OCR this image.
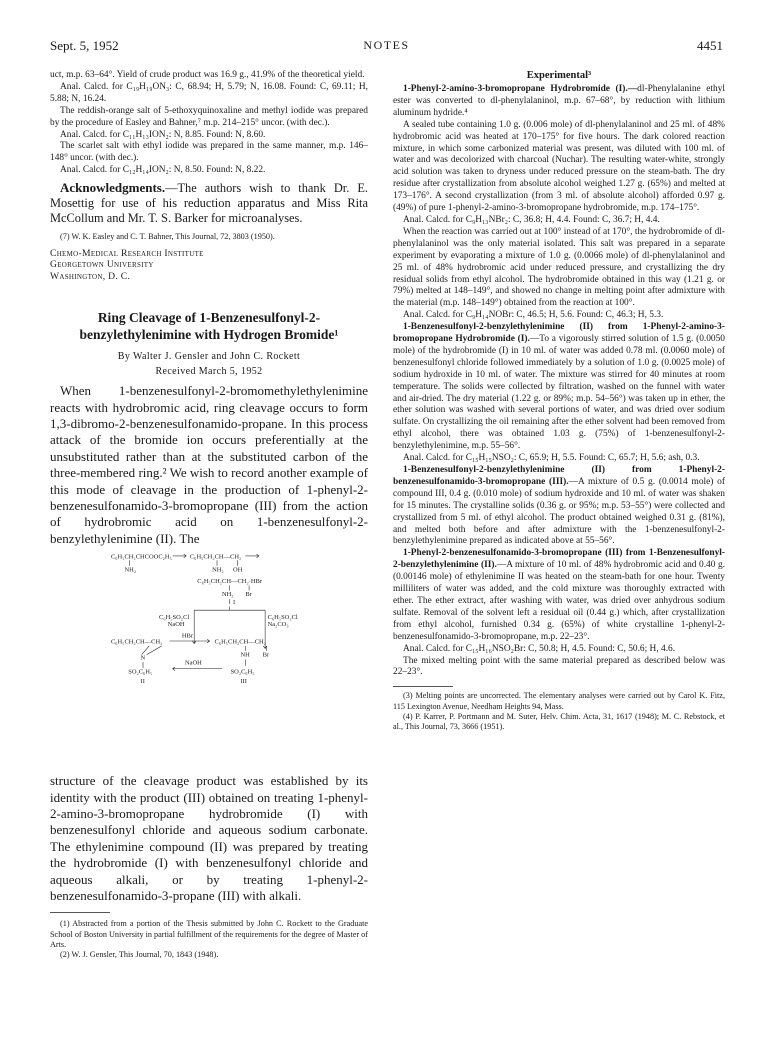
Sept. 5, 1952	NOTES	4451

uct, m.p. 63–64°. Yield of crude product was 16.9 g., 41.9% of the theoretical yield.

Anal. Calcd. for C₁₉H₁₉ON₃: C, 68.94; H, 5.79; N, 16.08. Found: C, 69.11; H, 5.88; N, 16.24.

The reddish-orange salt of 5-ethoxyquinoxaline and methyl iodide was prepared by the procedure of Easley and Bahner,⁷ m.p. 214–215° uncor. (with dec.).

Anal. Calcd. for C₁₁H₁₃ION₂: N, 8.85. Found: N, 8.60.

The scarlet salt with ethyl iodide was prepared in the same manner, m.p. 146–148° uncor. (with dec.).

Anal. Calcd. for C₁₂H₁₄ION₂: N, 8.50. Found: N, 8.22.

Acknowledgments.—The authors wish to thank Dr. E. Mosettig for use of his reduction apparatus and Miss Rita McCollum and Mr. T. S. Barker for microanalyses.

(7) W. K. Easley and C. T. Bahner, This Journal, 72, 3803 (1950).

Chemo-Medical Research Institute

Georgetown University

Washington, D. C.

Ring Cleavage of 1-Benzenesulfonyl-2-benzylethylenimine with Hydrogen Bromide¹

By Walter J. Gensler and John C. Rockett

Received March 5, 1952

When 1-benzenesulfonyl-2-bromomethylethylenimine reacts with hydrobromic acid, ring cleavage occurs to form 1,3-dibromo-2-benzenesulfonamido-propane. In this process attack of the bromide ion occurs preferentially at the unsubstituted rather than at the substituted carbon of the three-membered ring.² We wish to record another example of this mode of cleavage in the production of 1-phenyl-2-benzenesulfonamido-3-bromopropane (III) from the action of hydrobromic acid on 1-benzenesulfonyl-2-benzylethylenimine (II). The

C₆H₅CH₂CHCOOC₂H₅ C₆H₅CH₂CH—CH₂
NH₂	NH₂ OH
C₆H₅CH₂CH—CH₂·HBr
NH₂ Br
I
C₆H₅SO₂Cl
NaOH
C₆H₅SO₂Cl
Na₂CO₃
HBr
C₆H₅CH₂CH—CH₂	C₆H₅CH₂CH—CH₂
N	NH Br
NaOH
SO₂C₆H₅	SO₂C₆H₅
II	III

structure of the cleavage product was established by its identity with the product (III) obtained on treating 1-phenyl-2-amino-3-bromopropane hydrobromide (I) with benzenesulfonyl chloride and aqueous sodium carbonate. The ethylenimine compound (II) was prepared by treating the hydrobromide (I) with benzenesulfonyl chloride and aqueous alkali, or by treating 1-phenyl-2-benzenesulfonamido-3-propane (III) with alkali.

(1) Abstracted from a portion of the Thesis submitted by John C. Rockett to the Graduate School of Boston University in partial fulfillment of the requirements for the degree of Master of Arts.

(2) W. J. Gensler, This Journal, 70, 1843 (1948).

Experimental³

1-Phenyl-2-amino-3-bromopropane Hydrobromide (I).—dl-Phenylalanine ethyl ester was converted to dl-phenylalaninol, m.p. 67–68°, by reduction with lithium aluminum hydride.⁴

A sealed tube containing 1.0 g. (0.006 mole) of dl-phenylalaninol and 25 ml. of 48% hydrobromic acid was heated at 170–175° for five hours. The dark colored reaction mixture, in which some carbonized material was present, was diluted with 100 ml. of water and was decolorized with charcoal (Nuchar). The resulting water-white, strongly acid solution was taken to dryness under reduced pressure on the steam-bath. The dry residue after crystallization from absolute alcohol weighed 1.27 g. (65%) and melted at 173–176°. A second crystallization (from 3 ml. of absolute alcohol) afforded 0.97 g. (49%) of pure 1-phenyl-2-amino-3-bromopropane hydrobromide, m.p. 174–175°.

Anal. Calcd. for C₉H₁₃NBr₂: C, 36.8; H, 4.4. Found: C, 36.7; H, 4.4.

When the reaction was carried out at 100° instead of at 170°, the hydrobromide of dl-phenylalaninol was the only material isolated. This salt was prepared in a separate experiment by evaporating a mixture of 1.0 g. (0.0066 mole) of dl-phenylalaninol and 25 ml. of 48% hydrobromic acid under reduced pressure, and crystallizing the dry residual solids from ethyl alcohol. The hydrobromide obtained in this way (1.21 g. or 79%) melted at 148–149°, and showed no change in melting point after admixture with the material (m.p. 148–149°) obtained from the reaction at 100°.

Anal. Calcd. for C₉H₁₄NOBr: C, 46.5; H, 5.6. Found: C, 46.3; H, 5.3.

1-Benzenesulfonyl-2-benzylethylenimine (II) from 1-Phenyl-2-amino-3-bromopropane Hydrobromide (I).—To a vigorously stirred solution of 1.5 g. (0.0050 mole) of the hydrobromide (I) in 10 ml. of water was added 0.78 ml. (0.0060 mole) of benzenesulfonyl chloride followed immediately by a solution of 1.0 g. (0.0025 mole) of sodium hydroxide in 10 ml. of water. The mixture was stirred for 40 minutes at room temperature. The solids were collected by filtration, washed on the funnel with water and air-dried. The dry material (1.22 g. or 89%; m.p. 54–56°) was taken up in ether, the ether solution was washed with several portions of water, and was dried over sodium sulfate. On crystallizing the oil remaining after the ether solvent had been removed from ethyl alcohol, there was obtained 1.03 g. (75%) of 1-benzenesulfonyl-2-benzylethylenimine, m.p. 55–56°.

Anal. Calcd. for C₁₅H₁₅NSO₂: C, 65.9; H, 5.5. Found: C, 65.7; H, 5.6; ash, 0.3.

1-Benzenesulfonyl-2-benzylethylenimine (II) from 1-Phenyl-2-benzenesulfonamido-3-bromopropane (III).—A mixture of 0.5 g. (0.0014 mole) of compound III, 0.4 g. (0.010 mole) of sodium hydroxide and 10 ml. of water was shaken for 15 minutes. The crystalline solids (0.36 g. or 95%; m.p. 53–55°) were collected and crystallized from 5 ml. of ethyl alcohol. The product obtained weighed 0.31 g. (81%), and melted both before and after admixture with the 1-benzenesulfonyl-2-benzylethylenimine prepared as indicated above at 55–56°.

1-Phenyl-2-benzenesulfonamido-3-bromopropane (III) from 1-Benzenesulfonyl-2-benzylethylenimine (II).—A mixture of 10 ml. of 48% hydrobromic acid and 0.40 g. (0.00146 mole) of ethylenimine II was heated on the steam-bath for one hour. Twenty milliliters of water was added, and the cold mixture was thoroughly extracted with ether. The ether extract, after washing with water, was dried over anhydrous sodium sulfate. Removal of the solvent left a residual oil (0.44 g.) which, after crystallization from ethyl alcohol, furnished 0.34 g. (65%) of white crystalline 1-phenyl-2-benzenesulfonamido-3-bromopropane, m.p. 22–23°.

Anal. Calcd. for C₁₅H₁₆NSO₂Br: C, 50.8; H, 4.5. Found: C, 50.6; H, 4.6.

The mixed melting point with the same material prepared as described below was 22–23°.

(3) Melting points are uncorrected. The elementary analyses were carried out by Carol K. Fitz, 115 Lexington Avenue, Needham Heights 94, Mass.

(4) P. Karrer, P. Portmann and M. Suter, Helv. Chim. Acta, 31, 1617 (1948); M. C. Rebstock, et al., This Journal, 73, 3666 (1951).
